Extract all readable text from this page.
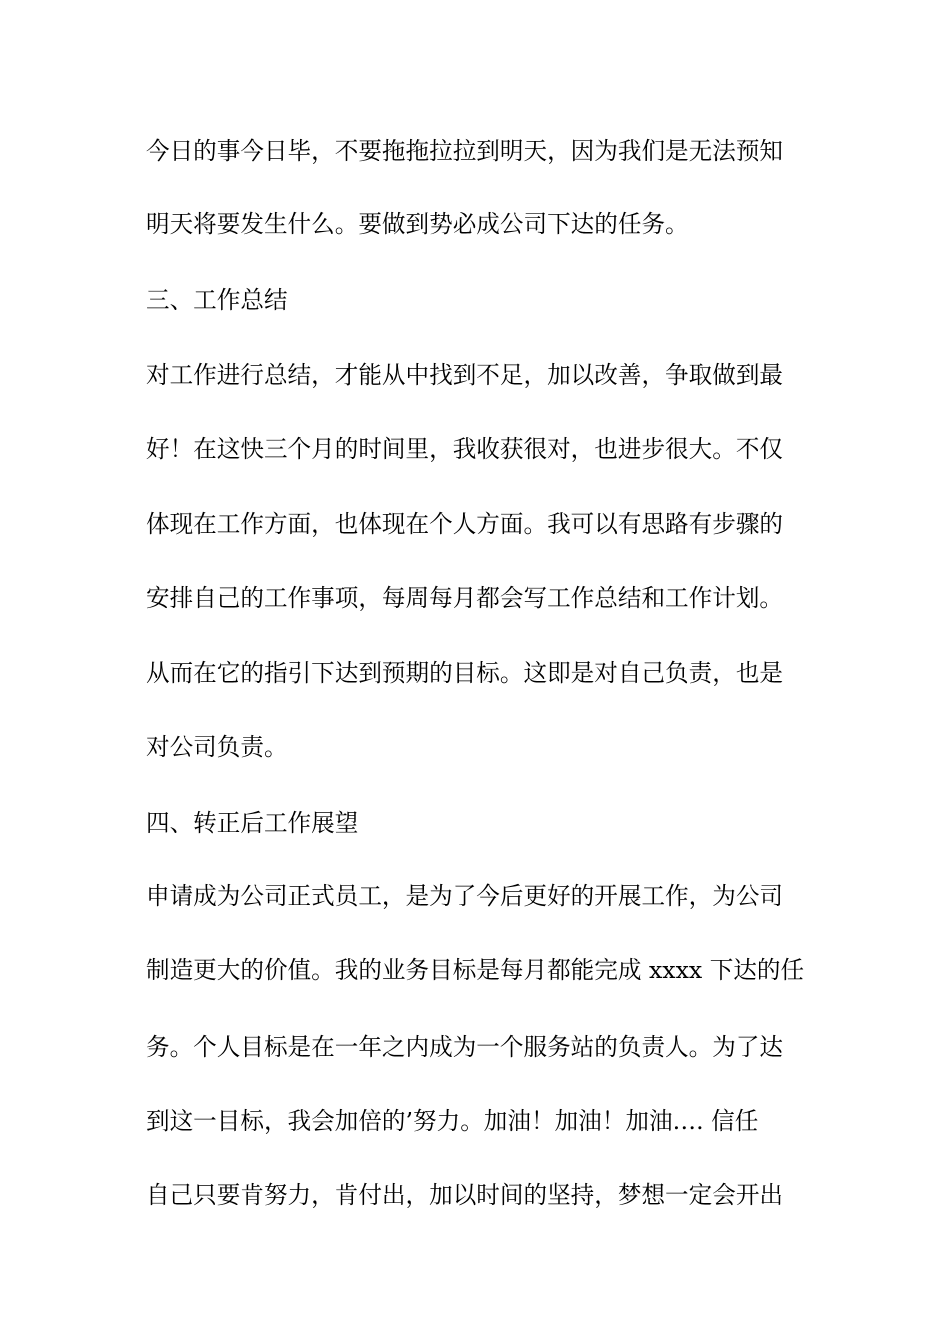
今日的事今日毕，不要拖拖拉拉到明天，因为我们是无法预知
明天将要发生什么。要做到势必成公司下达的任务。
三、工作总结
对工作进行总结，才能从中找到不足，加以改善，争取做到最
好！在这快三个月的时间里，我收获很对，也进步很大。不仅
体现在工作方面，也体现在个人方面。我可以有思路有步骤的
安排自己的工作事项，每周每月都会写工作总结和工作计划。
从而在它的指引下达到预期的目标。这即是对自己负责，也是
对公司负责。
四、转正后工作展望
申请成为公司正式员工，是为了今后更好的开展工作，为公司
制造更大的价值。我的业务目标是每月都能完成 xxxx 下达的任
务。个人目标是在一年之内成为一个服务站的负责人。为了达
到这一目标，我会加倍的’努力。加油！加油！加油…. 信任
自己只要肯努力，肯付出，加以时间的坚持，梦想一定会开出
